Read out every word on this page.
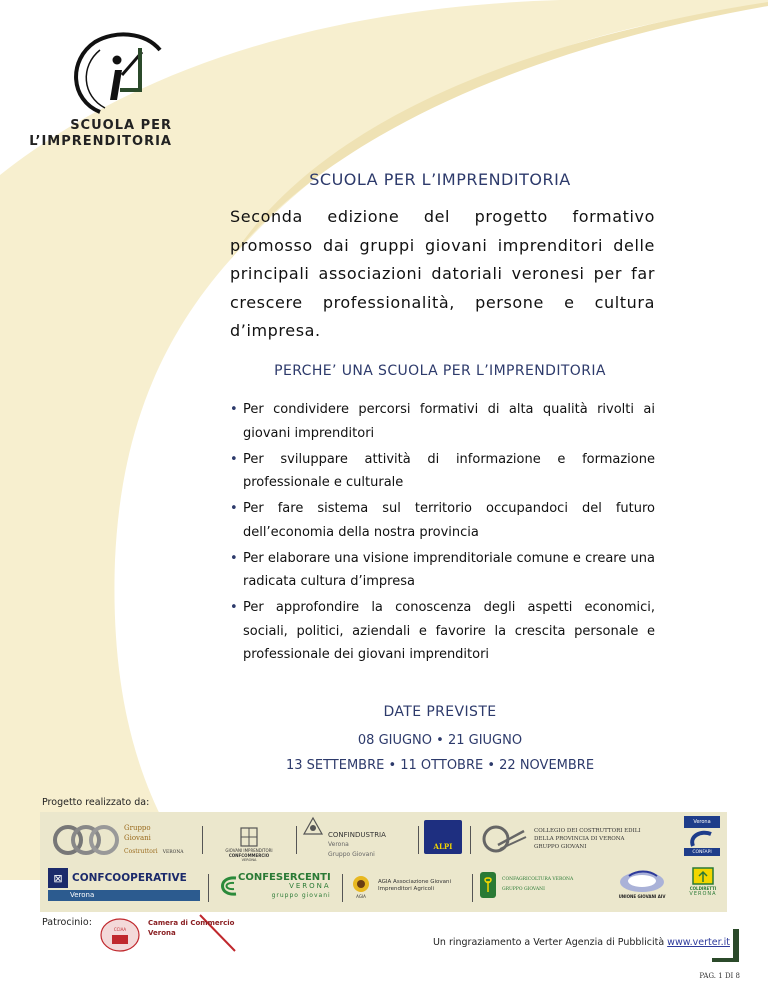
SCUOLA PER
L’IMPRENDITORIA
SCUOLA PER L’IMPRENDITORIA
Seconda edizione del progetto formativo promosso dai gruppi giovani imprenditori delle principali associazioni datoriali veronesi per far crescere professionalità, persone e cultura d’impresa.
PERCHE’ UNA SCUOLA PER L’IMPRENDITORIA
• Per condividere percorsi formativi di alta qualità rivolti ai giovani imprenditori
• Per sviluppare attività di informazione e formazione professionale e culturale
• Per fare sistema sul territorio occupandoci del futuro dell’economia della nostra provincia
• Per elaborare una visione imprenditoriale comune e creare una radicata cultura d’impresa
• Per approfondire la conoscenza degli aspetti economici, sociali, politici, aziendali e favorire la crescita personale e professionale dei giovani imprenditori
DATE PREVISTE
08 GIUGNO • 21 GIUGNO
13 SETTEMBRE • 11 OTTOBRE • 22 NOVEMBRE
Progetto realizzato da:
Gruppo
Giovani
Costruttori VERONA	GIOVANI IMPRENDITORI
CONFCOMMERCIO
VERONA
CONFINDUSTRIA
Verona
Gruppo Giovani
ALPI
COLLEGIO DEI COSTRUTTORI EDILI
DELLA PROVINCIA DI VERONA
GRUPPO GIOVANI
Verona
CONFAPI
⊠ CONFCOOPERATIVE
Verona
CONFESERCENTI
VERONA
gruppo giovani	AGIA
AGIA Associazione Giovani
Imprenditori Agricoli
CONFAGRICOLTURA VERONA
GRUPPO GIOVANI
UNIONE GIOVANI AIV
COLDIRETTI
VERONA
Patrocinio:
CCIAA
Camera di Commercio
Verona
Un ringraziamento a Verter Agenzia di Pubblicità www.verter.it
PAG. 1 DI 8
